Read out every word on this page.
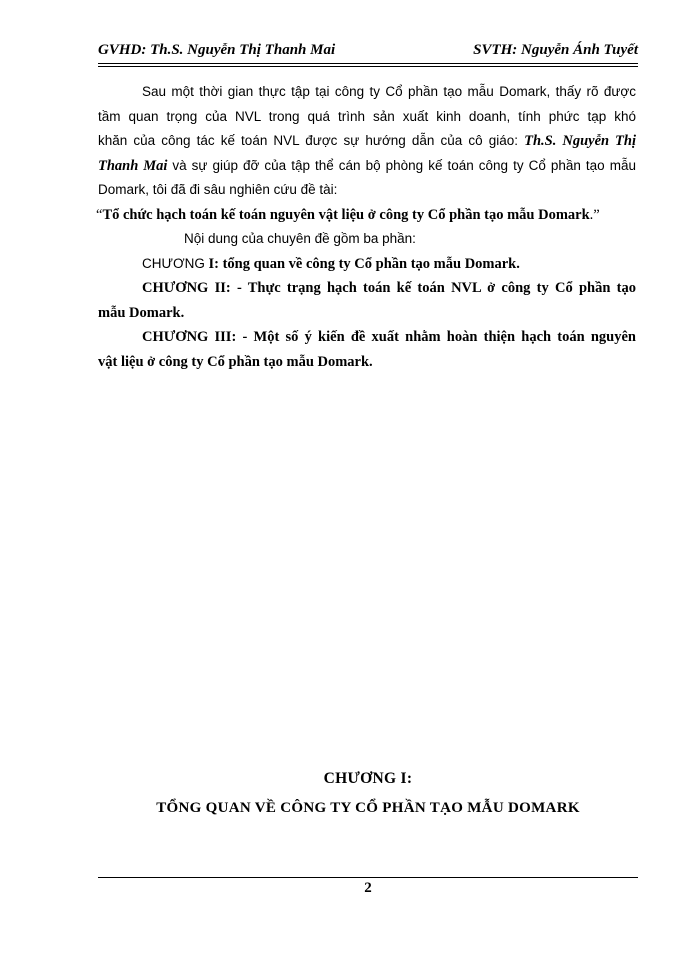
GVHD: Th.S. Nguyễn Thị Thanh Mai	SVTH: Nguyễn Ánh Tuyết

Sau một thời gian thực tập tại công ty Cổ phần tạo mẫu Domark, thấy rõ được

tầm quan trọng của NVL trong quá trình sản xuất kinh doanh, tính phức tạp khó

khăn của công tác kế toán NVL được sự hướng dẫn của cô giáo: Th.S. Nguyễn Thị

Thanh Mai và sự giúp đỡ của tập thể cán bộ phòng kế toán công ty Cổ phần tạo mẫu

Domark, tôi đã đi sâu nghiên cứu đề tài:

“Tổ chức hạch toán kế toán nguyên vật liệu ở công ty Cổ phần tạo mẫu Domark.”

Nội dung của chuyên đề gồm ba phần:

CHƯƠNG I: tổng quan về công ty Cổ phần tạo mẫu Domark.

CHƯƠNG II: - Thực trạng hạch toán kế toán NVL ở công ty Cổ phần tạo

mẫu Domark.

CHƯƠNG III: - Một số ý kiến đề xuất nhằm hoàn thiện hạch toán nguyên

vật liệu ở công ty Cổ phần tạo mẫu Domark.

CHƯƠNG I:
TỔNG QUAN VỀ CÔNG TY CỔ PHẦN TẠO MẪU DOMARK
2
